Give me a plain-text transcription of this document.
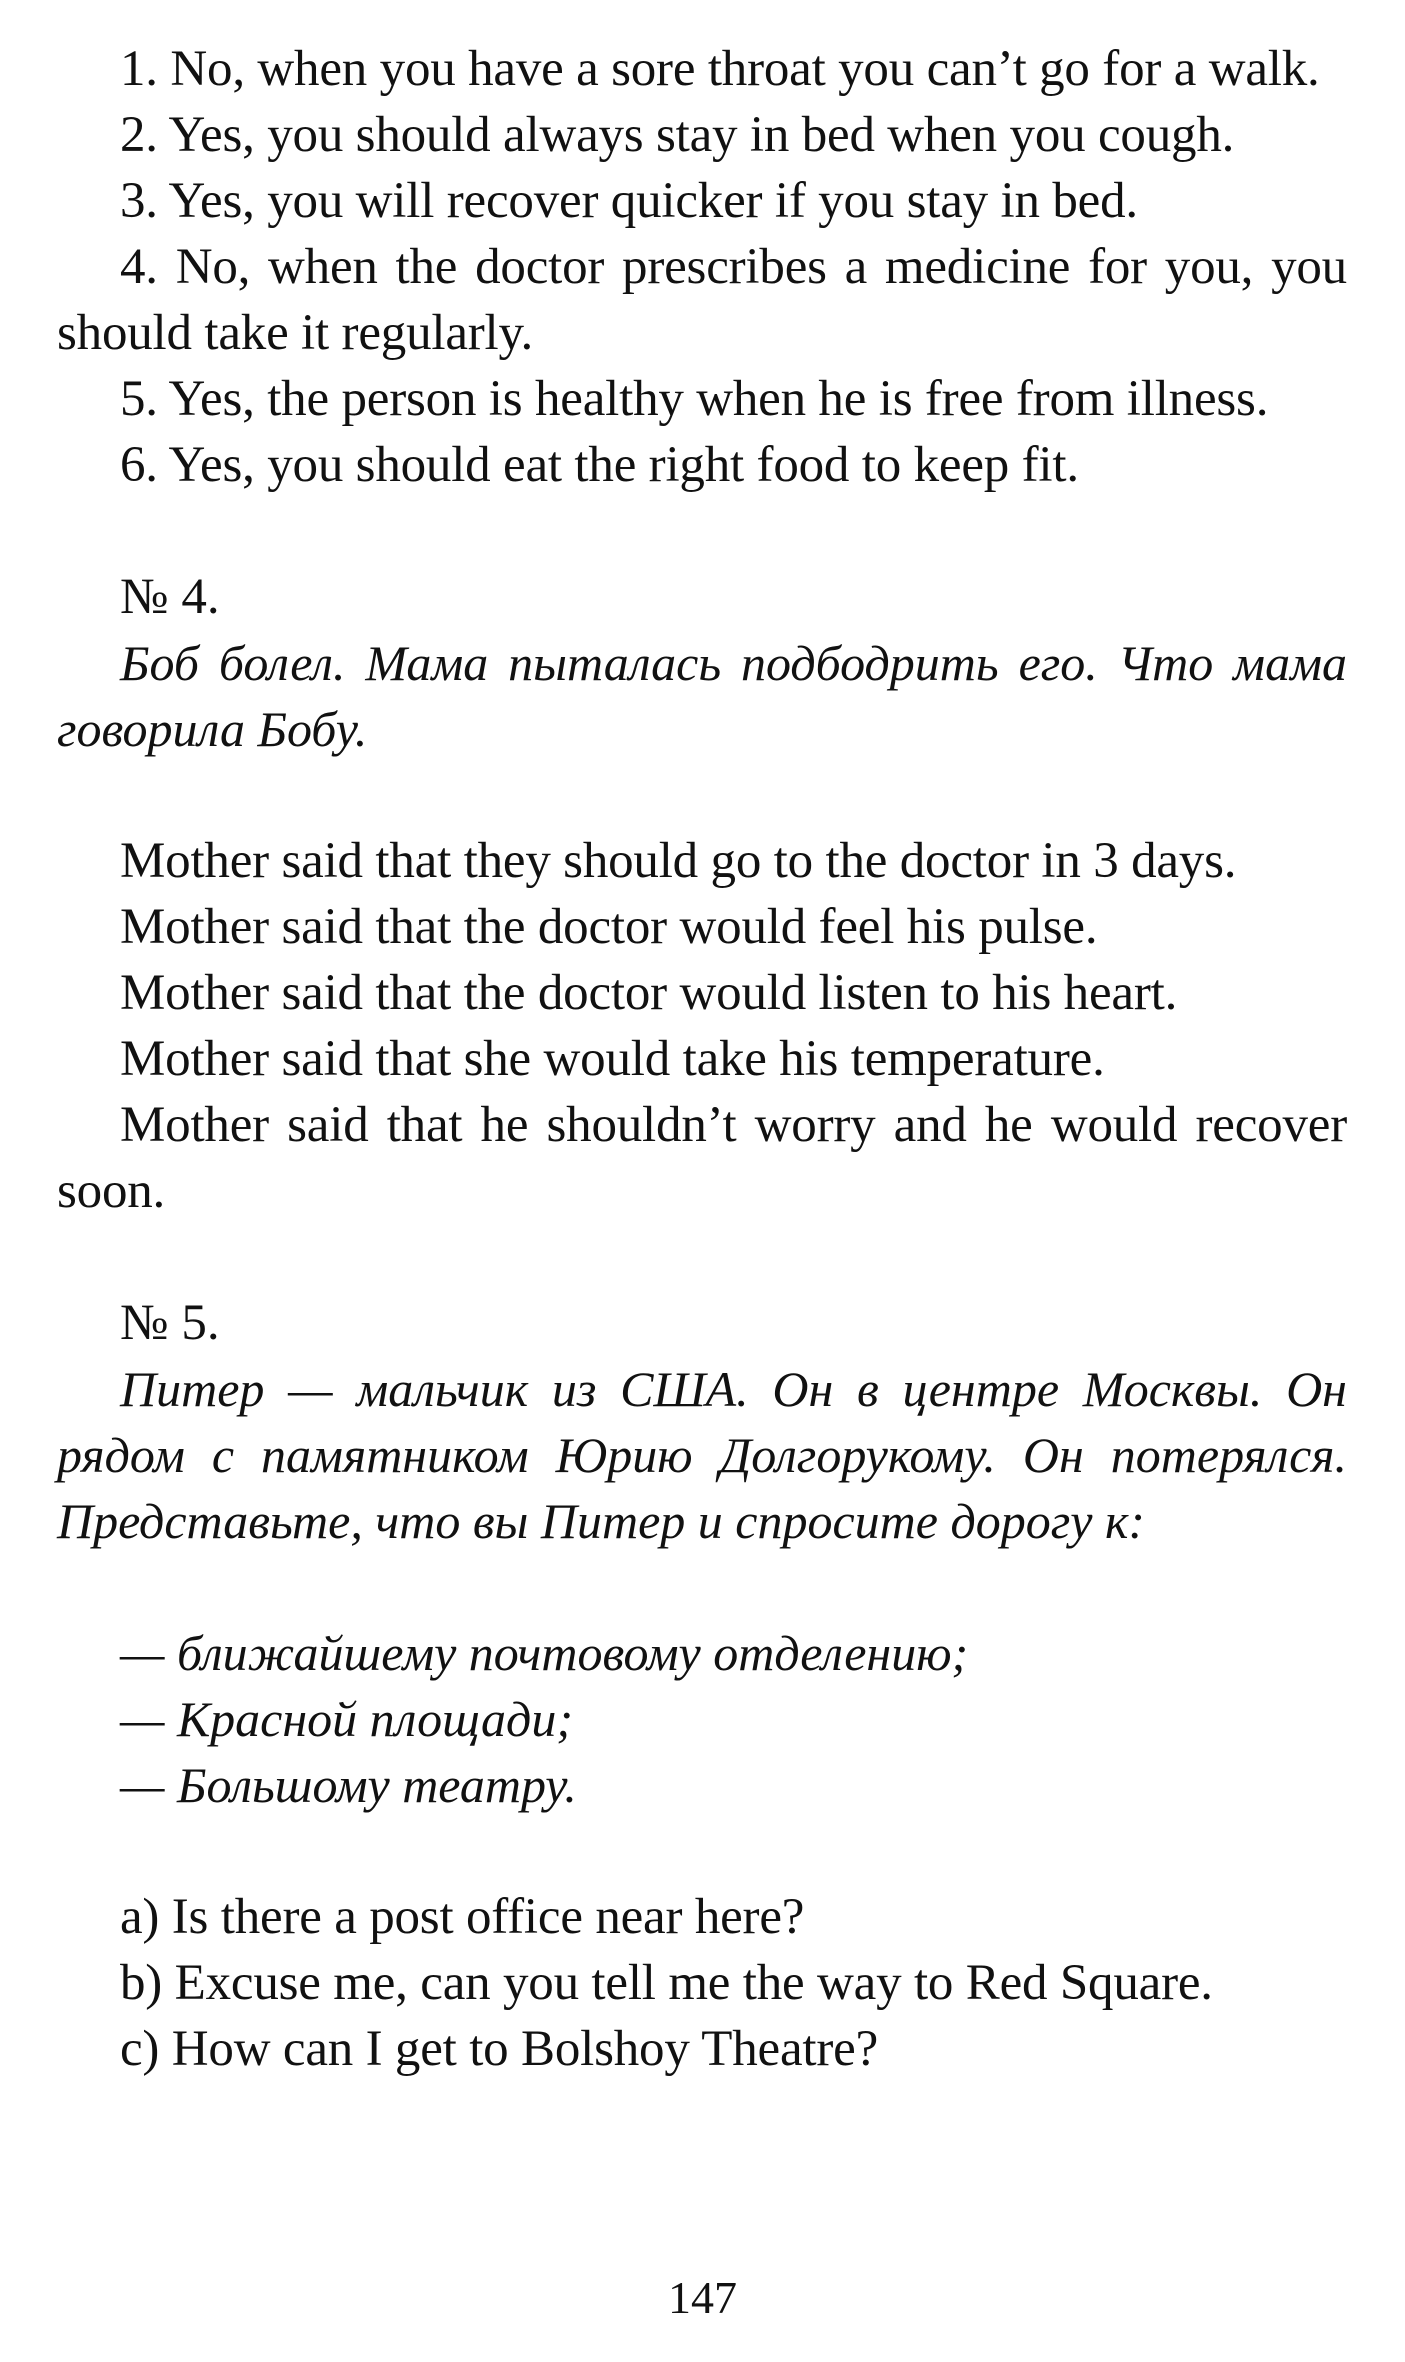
1. No, when you have a sore throat you can’t go for a walk.

2. Yes, you should always stay in bed when you cough.

3. Yes, you will recover quicker if you stay in bed.

4. No, when the doctor prescribes a medicine for you, you should take it regularly.

5. Yes, the person is healthy when he is free from illness.

6. Yes, you should eat the right food to keep fit.

№ 4.

Боб болел. Мама пыталась подбодрить его. Что мама говорила Бобу.

Mother said that they should go to the doctor in 3 days.

Mother said that the doctor would feel his pulse.

Mother said that the doctor would listen to his heart.

Mother said that she would take his temperature.

Mother said that he shouldn’t worry and he would recover soon.

№ 5.

Питер — мальчик из США. Он в центре Москвы. Он рядом с памятником Юрию Долгорукому. Он потерялся. Представьте, что вы Питер и спросите дорогу к:

— ближайшему почтовому отделению;
— Красной площади;
— Большому театру.

a) Is there a post office near here?

b) Excuse me, can you tell me the way to Red Square.

c) How can I get to Bolshoy Theatre?

147
